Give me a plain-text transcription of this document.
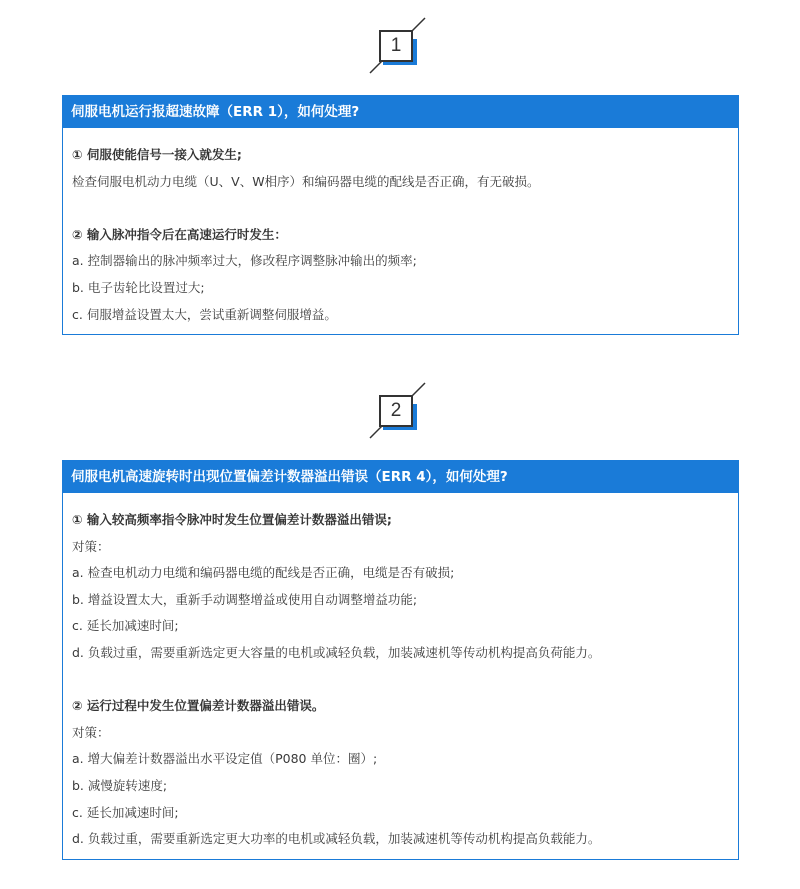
1
伺服电机运行报超速故障（ERR 1），如何处理?
① 伺服使能信号一接入就发生;
检查伺服电机动力电缆（U、V、W相序）和编码器电缆的配线是否正确，有无破损。
② 输入脉冲指令后在高速运行时发生：
a. 控制器输出的脉冲频率过大，修改程序调整脉冲输出的频率;
b. 电子齿轮比设置过大;
c. 伺服增益设置太大，尝试重新调整伺服增益。
2
伺服电机高速旋转时出现位置偏差计数器溢出错误（ERR 4），如何处理?
① 输入较高频率指令脉冲时发生位置偏差计数器溢出错误;
对策：
a. 检查电机动力电缆和编码器电缆的配线是否正确，电缆是否有破损;
b. 增益设置太大，重新手动调整增益或使用自动调整增益功能;
c. 延长加减速时间;
d. 负载过重，需要重新选定更大容量的电机或减轻负载，加装减速机等传动机构提高负荷能力。
② 运行过程中发生位置偏差计数器溢出错误。
对策：
a. 增大偏差计数器溢出水平设定值（P080 单位：圈）;
b. 减慢旋转速度;
c. 延长加减速时间;
d. 负载过重，需要重新选定更大功率的电机或减轻负载，加装减速机等传动机构提高负载能力。
